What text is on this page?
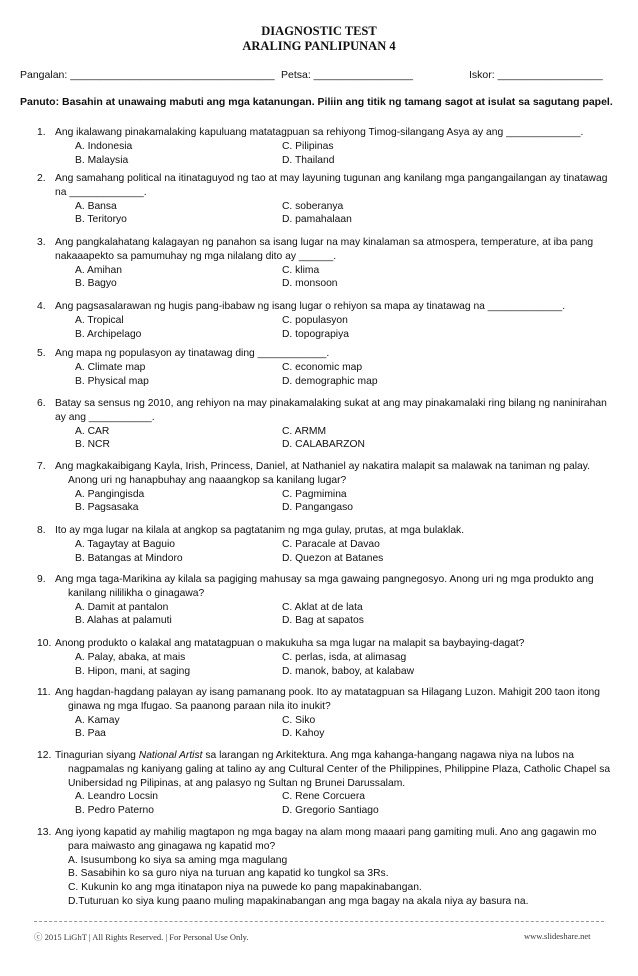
DIAGNOSTIC TEST
ARALING PANLIPUNAN 4
Pangalan: ___________________________________ Petsa: _________________	Iskor: __________________
Panuto: Basahin at unawaing mabuti ang mga katanungan. Piliin ang titik ng tamang sagot at isulat sa sagutang papel.
1. Ang ikalawang pinakamalaking kapuluang matatagpuan sa rehiyong Timog-silangang Asya ay ang _____________.
A. Indonesia	C. Pilipinas
B. Malaysia	D. Thailand
2. Ang samahang political na itinataguyod ng tao at may layuning tugunan ang kanilang mga pangangailangan ay tinatawag
na _____________.
A. Bansa	C. soberanya
B. Teritoryo	D. pamahalaan
3. Ang pangkalahatang kalagayan ng panahon sa isang lugar na may kinalaman sa atmospera, temperature, at iba pang
nakaaapekto sa pamumuhay ng mga nilalang dito ay ______.
A. Amihan	C. klima
B. Bagyo	D. monsoon
4. Ang pagsasalarawan ng hugis pang-ibabaw ng isang lugar o rehiyon sa mapa ay tinatawag na _____________.
A. Tropical	C. populasyon
B. Archipelago	D. topograpiya
5. Ang mapa ng populasyon ay tinatawag ding ____________.
A. Climate map	C. economic map
B. Physical map	D. demographic map
6. Batay sa sensus ng 2010, ang rehiyon na may pinakamalaking sukat at ang may pinakamalaki ring bilang ng naninirahan
ay ang ___________.
A. CAR	C. ARMM
B. NCR	D. CALABARZON
7. Ang magkakaibigang Kayla, Irish, Princess, Daniel, at Nathaniel ay nakatira malapit sa malawak na taniman ng palay.
Anong uri ng hanapbuhay ang naaangkop sa kanilang lugar?
A. Pangingisda	C. Pagmimina
B. Pagsasaka	D. Pangangaso
8. Ito ay mga lugar na kilala at angkop sa pagtatanim ng mga gulay, prutas, at mga bulaklak.
A. Tagaytay at Baguio	C. Paracale at Davao
B. Batangas at Mindoro	D. Quezon at Batanes
9. Ang mga taga-Marikina ay kilala sa pagiging mahusay sa mga gawaing pangnegosyo. Anong uri ng mga produkto ang
kanilang nililikha o ginagawa?
A. Damit at pantalon	C. Aklat at de lata
B. Alahas at palamuti	D. Bag at sapatos
10. Anong produkto o kalakal ang matatagpuan o makukuha sa mga lugar na malapit sa baybaying-dagat?
A. Palay, abaka, at mais	C. perlas, isda, at alimasag
B. Hipon, mani, at saging	D. manok, baboy, at kalabaw
11. Ang hagdan-hagdang palayan ay isang pamanang pook. Ito ay matatagpuan sa Hilagang Luzon. Mahigit 200 taon itong
ginawa ng mga Ifugao. Sa paanong paraan nila ito inukit?
A. Kamay	C. Siko
B. Paa	D. Kahoy
12. Tinagurian siyang National Artist sa larangan ng Arkitektura. Ang mga kahanga-hangang nagawa niya na lubos na
nagpamalas ng kaniyang galing at talino ay ang Cultural Center of the Philippines, Philippine Plaza, Catholic Chapel sa
Unibersidad ng Pilipinas, at ang palasyo ng Sultan ng Brunei Darussalam.
A. Leandro Locsin	C. Rene Corcuera
B. Pedro Paterno	D. Gregorio Santiago
13. Ang iyong kapatid ay mahilig magtapon ng mga bagay na alam mong maaari pang gamiting muli. Ano ang gagawin mo
para maiwasto ang ginagawa ng kapatid mo?
A. Isusumbong ko siya sa aming mga magulang
B. Sasabihin ko sa guro niya na turuan ang kapatid ko tungkol sa 3Rs.
C. Kukunin ko ang mga itinatapon niya na puwede ko pang mapakinabangan.
D.Tuturuan ko siya kung paano muling mapakinabangan ang mga bagay na akala niya ay basura na.
ⓒ 2015 LiGhT | All Rights Reserved. | For Personal Use Only.	www.slideshare.net
